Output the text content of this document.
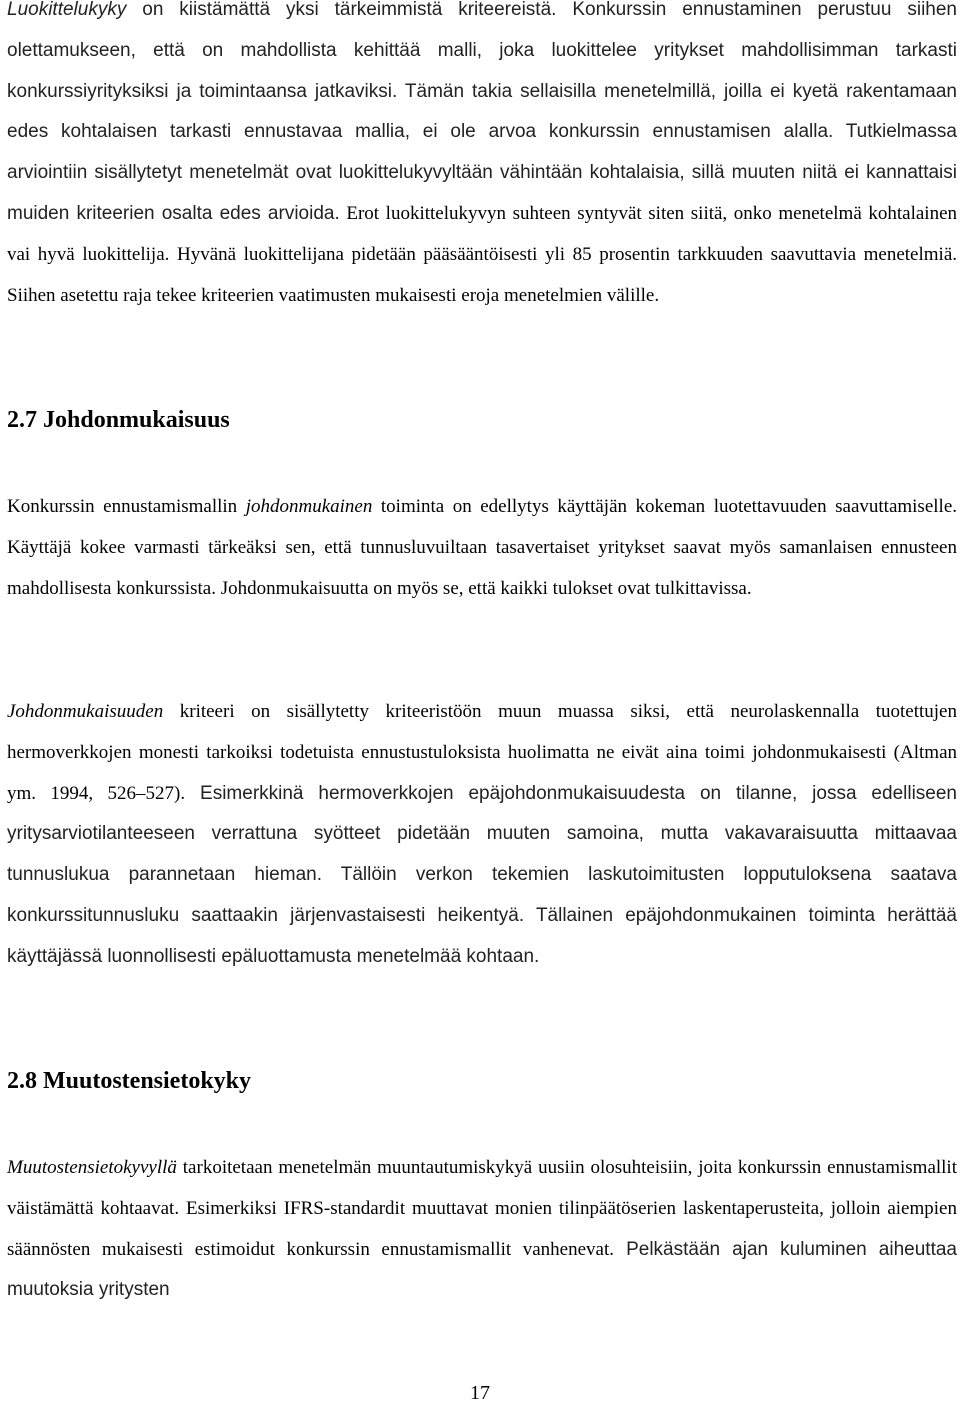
Luokittelukyky on kiistämättä yksi tärkeimmistä kriteereistä. Konkurssin ennustaminen perustuu siihen olettamukseen, että on mahdollista kehittää malli, joka luokittelee yritykset mahdollisimman tarkasti konkurssiyrityksiksi ja toimintaansa jatkaviksi. Tämän takia sellaisilla menetelmillä, joilla ei kyetä rakentamaan edes kohtalaisen tarkasti ennustavaa mallia, ei ole arvoa konkurssin ennustamisen alalla. Tutkielmassa arviointiin sisällytetyt menetelmät ovat luokittelukyvyltään vähintään kohtalaisia, sillä muuten niitä ei kannattaisi muiden kriteerien osalta edes arvioida. Erot luokittelukyvyn suhteen syntyvät siten siitä, onko menetelmä kohtalainen vai hyvä luokittelija. Hyvänä luokittelijana pidetään pääsääntöisesti yli 85 prosentin tarkkuuden saavuttavia menetelmiä. Siihen asetettu raja tekee kriteerien vaatimusten mukaisesti eroja menetelmien välille.

2.7 Johdonmukaisuus

Konkurssin ennustamismallin johdonmukainen toiminta on edellytys käyttäjän kokeman luotettavuuden saavuttamiselle. Käyttäjä kokee varmasti tärkeäksi sen, että tunnusluvuiltaan tasavertaiset yritykset saavat myös samanlaisen ennusteen mahdollisesta konkurssista. Johdonmukaisuutta on myös se, että kaikki tulokset ovat tulkittavissa.

Johdonmukaisuuden kriteeri on sisällytetty kriteeristöön muun muassa siksi, että neurolaskennalla tuotettujen hermoverkkojen monesti tarkoiksi todetuista ennustustuloksista huolimatta ne eivät aina toimi johdonmukaisesti (Altman ym. 1994, 526–527). Esimerkkinä hermoverkkojen epäjohdonmukaisuudesta on tilanne, jossa edelliseen yritysarviotilanteeseen verrattuna syötteet pidetään muuten samoina, mutta vakavaraisuutta mittaavaa tunnuslukua parannetaan hieman. Tällöin verkon tekemien laskutoimitusten lopputuloksena saatava konkurssitunnusluku saattaakin järjenvastaisesti heikentyä. Tällainen epäjohdonmukainen toiminta herättää käyttäjässä luonnollisesti epäluottamusta menetelmää kohtaan.

2.8 Muutostensietokyky

Muutostensietokyvyllä tarkoitetaan menetelmän muuntautumiskykyä uusiin olosuhteisiin, joita konkurssin ennustamismallit väistämättä kohtaavat. Esimerkiksi IFRS-standardit muuttavat monien tilinpäätöserien laskentaperusteita, jolloin aiempien säännösten mukaisesti estimoidut konkurssin ennustamismallit vanhenevat. Pelkästään ajan kuluminen aiheuttaa muutoksia yritysten

17
